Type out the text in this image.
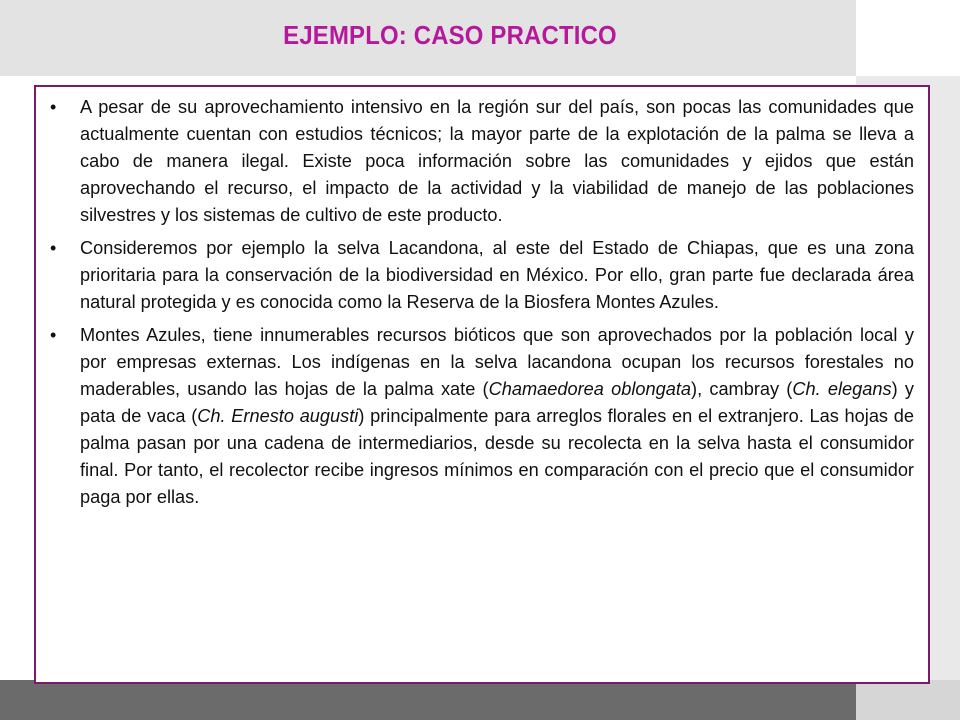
EJEMPLO: CASO PRACTICO
• A pesar de su aprovechamiento intensivo en la región sur del país, son pocas las comunidades que actualmente cuentan con estudios técnicos; la mayor parte de la explotación de la palma se lleva a cabo de manera ilegal. Existe poca información sobre las comunidades y ejidos que están aprovechando el recurso, el impacto de la actividad y la viabilidad de manejo de las poblaciones silvestres y los sistemas de cultivo de este producto.
• Consideremos por ejemplo la selva Lacandona, al este del Estado de Chiapas, que es una zona prioritaria para la conservación de la biodiversidad en México. Por ello, gran parte fue declarada área natural protegida y es conocida como la Reserva de la Biosfera Montes Azules.
• Montes Azules, tiene innumerables recursos bióticos que son aprovechados por la población local y por empresas externas. Los indígenas en la selva lacandona ocupan los recursos forestales no maderables, usando las hojas de la palma xate (Chamaedorea oblongata), cambray (Ch. elegans) y pata de vaca (Ch. Ernesto augusti) principalmente para arreglos florales en el extranjero. Las hojas de palma pasan por una cadena de intermediarios, desde su recolecta en la selva hasta el consumidor final. Por tanto, el recolector recibe ingresos mínimos en comparación con el precio que el consumidor paga por ellas.
